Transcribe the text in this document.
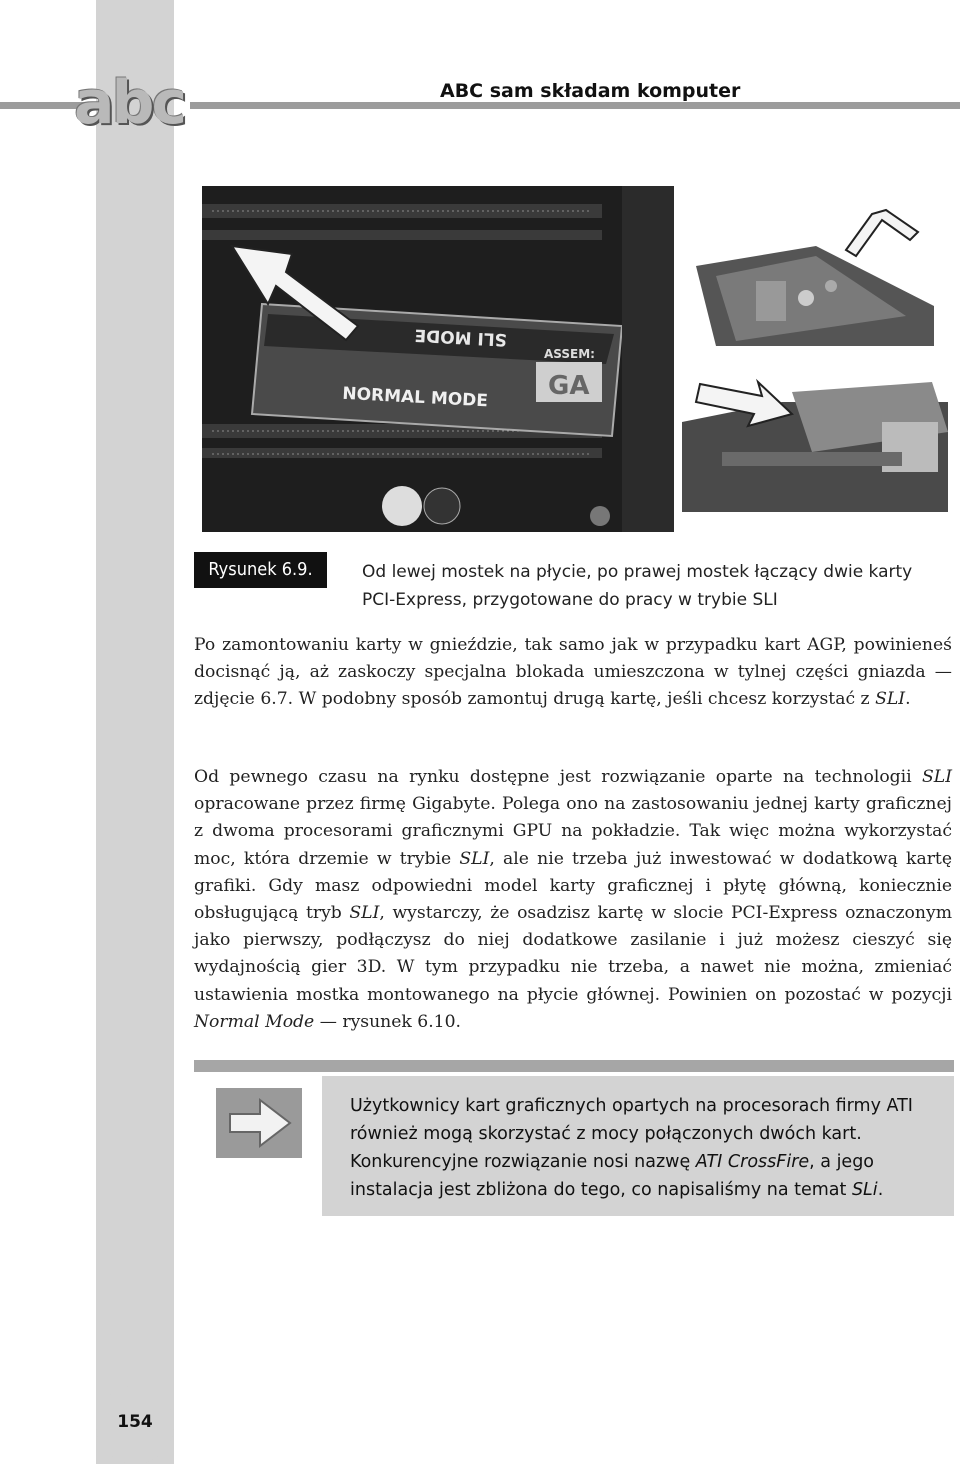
abc	ABC sam składam komputer
SLI MODE
NORMAL MODE
ASSEM:
GA
Rysunek 6.9.	Od lewej mostek na płycie, po prawej mostek łączący dwie karty
PCI-Express, przygotowane do pracy w trybie SLI
Po zamontowaniu karty w gnieździe, tak samo jak w przypadku kart AGP, powinieneś docisnąć ją, aż zaskoczy specjalna blokada umieszczona w tylnej części gniazda — zdjęcie 6.7. W podobny sposób zamontuj drugą kartę, jeśli chcesz korzystać z SLI.
Od pewnego czasu na rynku dostępne jest rozwiązanie oparte na technologii SLI opracowane przez firmę Gigabyte. Polega ono na zastosowaniu jednej karty graficznej z dwoma procesorami graficznymi GPU na pokładzie. Tak więc można wykorzystać moc, która drzemie w trybie SLI, ale nie trzeba już inwestować w dodatkową kartę grafiki. Gdy masz odpowiedni model karty graficznej i płytę główną, koniecznie obsługującą tryb SLI, wystarczy, że osadzisz kartę w slocie PCI-Express oznaczonym jako pierwszy, podłączysz do niej dodatkowe zasilanie i już możesz cieszyć się wydajnością gier 3D. W tym przypadku nie trzeba, a nawet nie można, zmieniać ustawienia mostka montowanego na płycie głównej. Powinien on pozostać w pozycji Normal Mode — rysunek 6.10.
Użytkownicy kart graficznych opartych na procesorach firmy ATI również mogą skorzystać z mocy połączonych dwóch kart. Konkurencyjne rozwiązanie nosi nazwę ATI CrossFire, a jego instalacja jest zbliżona do tego, co napisaliśmy na temat SLi.
154
